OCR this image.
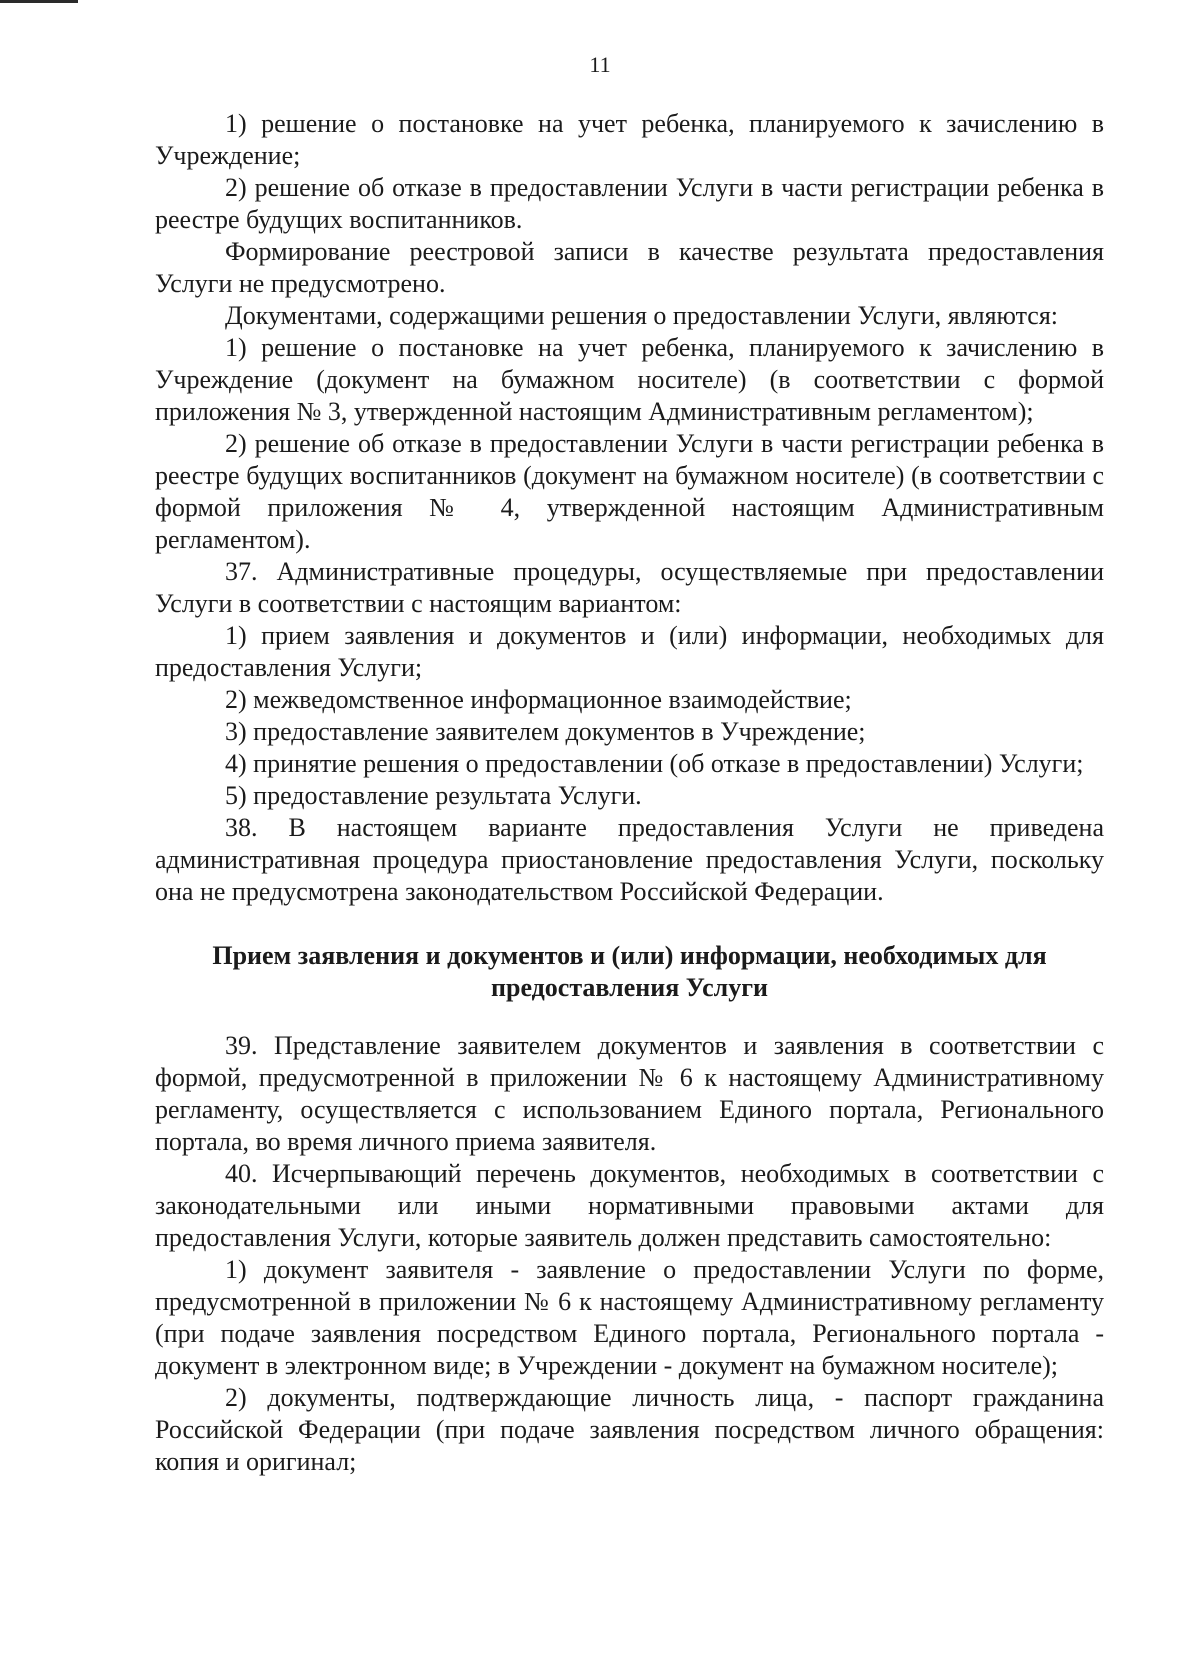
11

1) решение о постановке на учет ребенка, планируемого к зачислению в Учреждение;

2) решение об отказе в предоставлении Услуги в части регистрации ребенка в реестре будущих воспитанников.

Формирование реестровой записи в качестве результата предоставления Услуги не предусмотрено.

Документами, содержащими решения о предоставлении Услуги, являются:

1) решение о постановке на учет ребенка, планируемого к зачислению в Учреждение (документ на бумажном носителе) (в соответствии с формой приложения № 3, утвержденной настоящим Административным регламентом);

2) решение об отказе в предоставлении Услуги в части регистрации ребенка в реестре будущих воспитанников (документ на бумажном носителе) (в соответствии с формой приложения № 4, утвержденной настоящим Административным регламентом).

37. Административные процедуры, осуществляемые при предоставлении Услуги в соответствии с настоящим вариантом:

1) прием заявления и документов и (или) информации, необходимых для предоставления Услуги;

2) межведомственное информационное взаимодействие;

3) предоставление заявителем документов в Учреждение;

4) принятие решения о предоставлении (об отказе в предоставлении) Услуги;

5) предоставление результата Услуги.

38. В настоящем варианте предоставления Услуги не приведена административная процедура приостановление предоставления Услуги, поскольку она не предусмотрена законодательством Российской Федерации.

Прием заявления и документов и (или) информации, необходимых для предоставления Услуги

39. Представление заявителем документов и заявления в соответствии с формой, предусмотренной в приложении № 6 к настоящему Административному регламенту, осуществляется с использованием Единого портала, Регионального портала, во время личного приема заявителя.

40. Исчерпывающий перечень документов, необходимых в соответствии с законодательными или иными нормативными правовыми актами для предоставления Услуги, которые заявитель должен представить самостоятельно:

1) документ заявителя - заявление о предоставлении Услуги по форме, предусмотренной в приложении № 6 к настоящему Административному регламенту (при подаче заявления посредством Единого портала, Регионального портала - документ в электронном виде; в Учреждении - документ на бумажном носителе);

2) документы, подтверждающие личность лица, - паспорт гражданина Российской Федерации (при подаче заявления посредством личного обращения: копия и оригинал;
